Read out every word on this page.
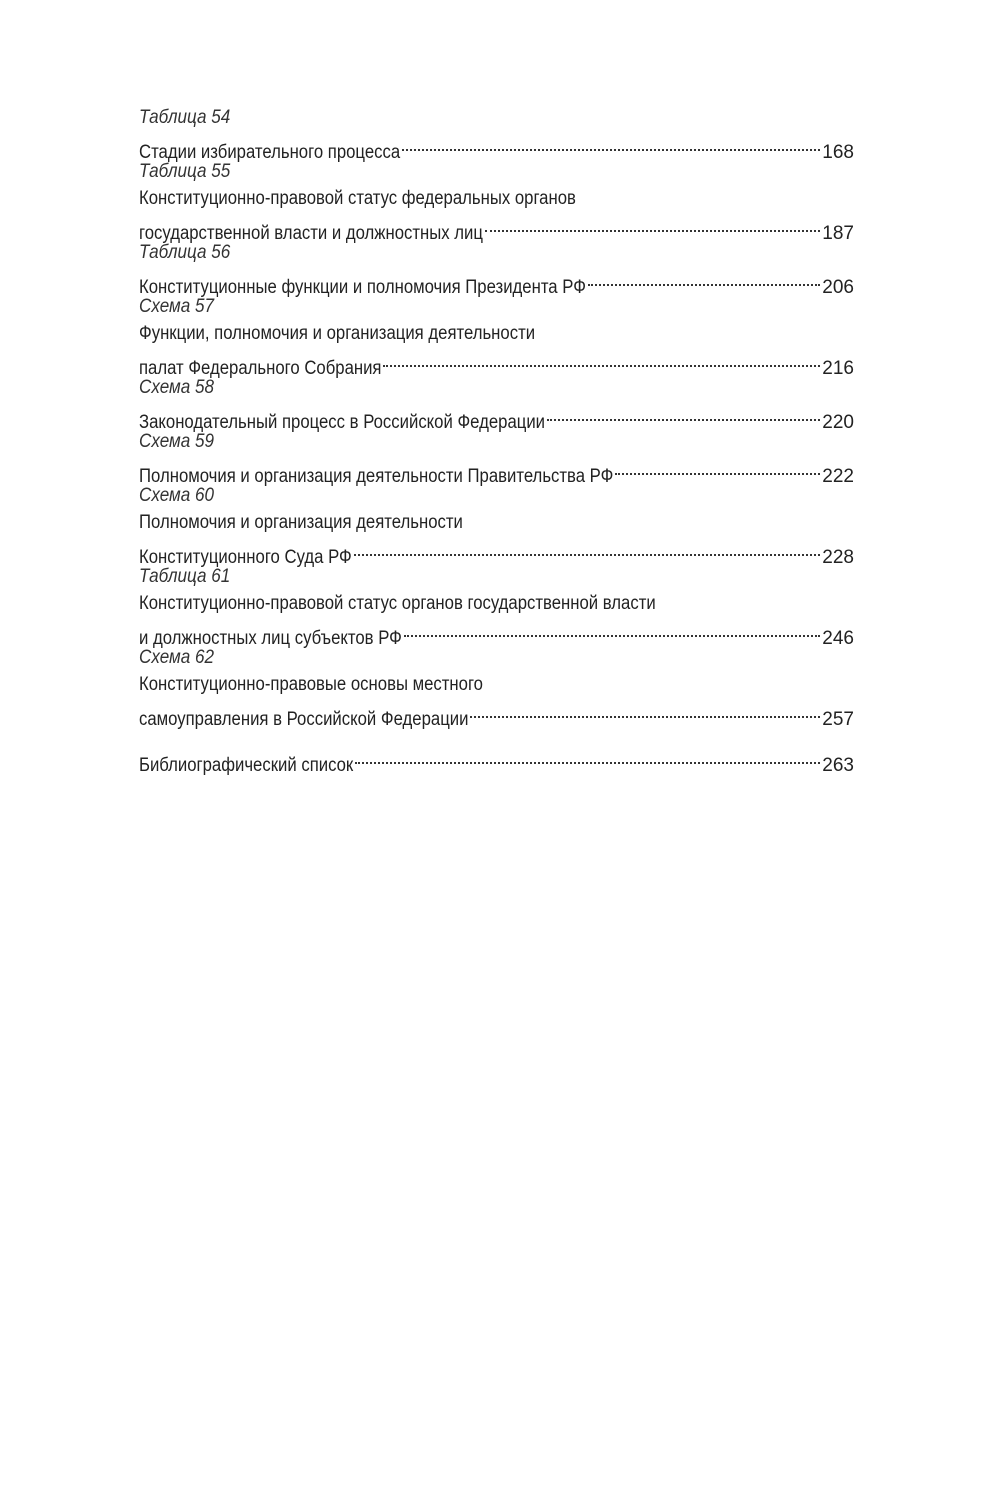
Таблица 54
Стадии избирательного процесса	168
Таблица 55
Конституционно-правовой статус федеральных органов
государственной власти и должностных лиц	187
Таблица 56
Конституционные функции и полномочия Президента РФ	206
Схема 57
Функции, полномочия и организация деятельности
палат Федерального Собрания	216
Схема 58
Законодательный процесс в Российской Федерации	220
Схема 59
Полномочия и организация деятельности Правительства РФ	222
Схема 60
Полномочия и организация деятельности
Конституционного Суда РФ	228
Таблица 61
Конституционно-правовой статус органов государственной власти
и должностных лиц субъектов РФ	246
Схема 62
Конституционно-правовые основы местного
самоуправления в Российской Федерации	257
Библиографический список	263
